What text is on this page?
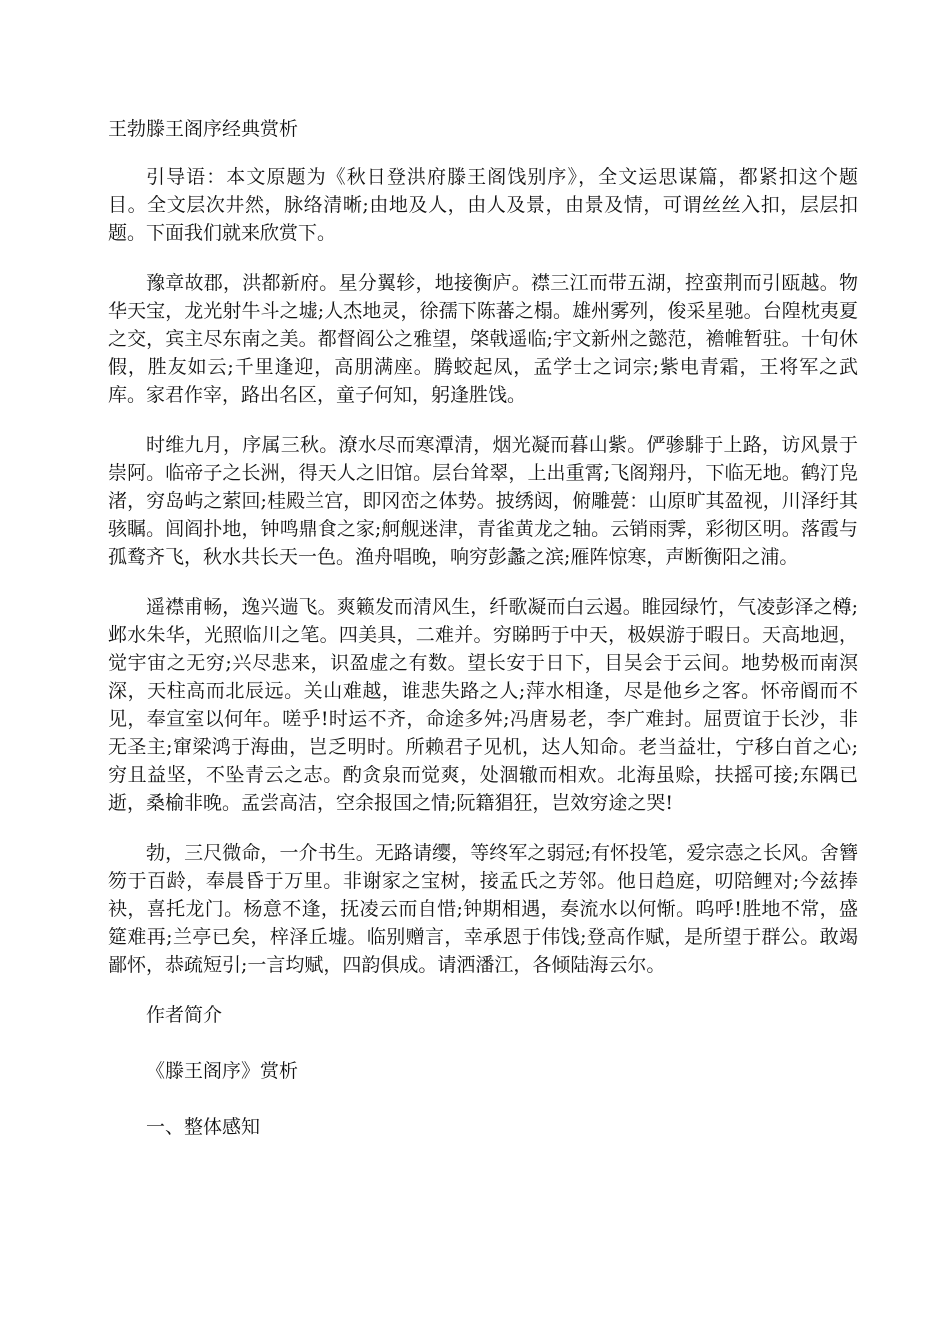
王勃滕王阁序经典赏析

引导语：本文原题为《秋日登洪府滕王阁饯别序》，全文运思谋篇，都紧扣这个题目。全文层次井然，脉络清晰;由地及人，由人及景，由景及情，可谓丝丝入扣，层层扣题。下面我们就来欣赏下。

豫章故郡，洪都新府。星分翼轸，地接衡庐。襟三江而带五湖，控蛮荆而引瓯越。物华天宝，龙光射牛斗之墟;人杰地灵，徐孺下陈蕃之榻。雄州雾列，俊采星驰。台隍枕夷夏之交，宾主尽东南之美。都督阎公之雅望，棨戟遥临;宇文新州之懿范，襜帷暂驻。十旬休假，胜友如云;千里逢迎，高朋满座。腾蛟起凤，孟学士之词宗;紫电青霜，王将军之武库。家君作宰，路出名区，童子何知，躬逢胜饯。

时维九月，序属三秋。潦水尽而寒潭清，烟光凝而暮山紫。俨骖騑于上路，访风景于崇阿。临帝子之长洲，得天人之旧馆。层台耸翠，上出重霄;飞阁翔丹，下临无地。鹤汀凫渚，穷岛屿之萦回;桂殿兰宫，即冈峦之体势。披绣闼，俯雕甍：山原旷其盈视，川泽纡其骇瞩。闾阎扑地，钟鸣鼎食之家;舸舰迷津，青雀黄龙之轴。云销雨霁，彩彻区明。落霞与孤鹜齐飞，秋水共长天一色。渔舟唱晚，响穷彭蠡之滨;雁阵惊寒，声断衡阳之浦。

遥襟甫畅，逸兴遄飞。爽籁发而清风生，纤歌凝而白云遏。睢园绿竹，气凌彭泽之樽;邺水朱华，光照临川之笔。四美具，二难并。穷睇眄于中天，极娱游于暇日。天高地迥，觉宇宙之无穷;兴尽悲来，识盈虚之有数。望长安于日下，目吴会于云间。地势极而南溟深，天柱高而北辰远。关山难越，谁悲失路之人;萍水相逢，尽是他乡之客。怀帝阍而不见，奉宣室以何年。嗟乎!时运不齐，命途多舛;冯唐易老，李广难封。屈贾谊于长沙，非无圣主;窜梁鸿于海曲，岂乏明时。所赖君子见机，达人知命。老当益壮，宁移白首之心;穷且益坚，不坠青云之志。酌贪泉而觉爽，处涸辙而相欢。北海虽赊，扶摇可接;东隅已逝，桑榆非晚。孟尝高洁，空余报国之情;阮籍猖狂，岂效穷途之哭!

勃，三尺微命，一介书生。无路请缨，等终军之弱冠;有怀投笔，爱宗悫之长风。舍簪笏于百龄，奉晨昏于万里。非谢家之宝树，接孟氏之芳邻。他日趋庭，叨陪鲤对;今兹捧袂，喜托龙门。杨意不逢，抚凌云而自惜;钟期相遇，奏流水以何惭。呜呼!胜地不常，盛筵难再;兰亭已矣，梓泽丘墟。临别赠言，幸承恩于伟饯;登高作赋，是所望于群公。敢竭鄙怀，恭疏短引;一言均赋，四韵俱成。请洒潘江，各倾陆海云尔。

作者简介
《滕王阁序》赏析
一、整体感知
